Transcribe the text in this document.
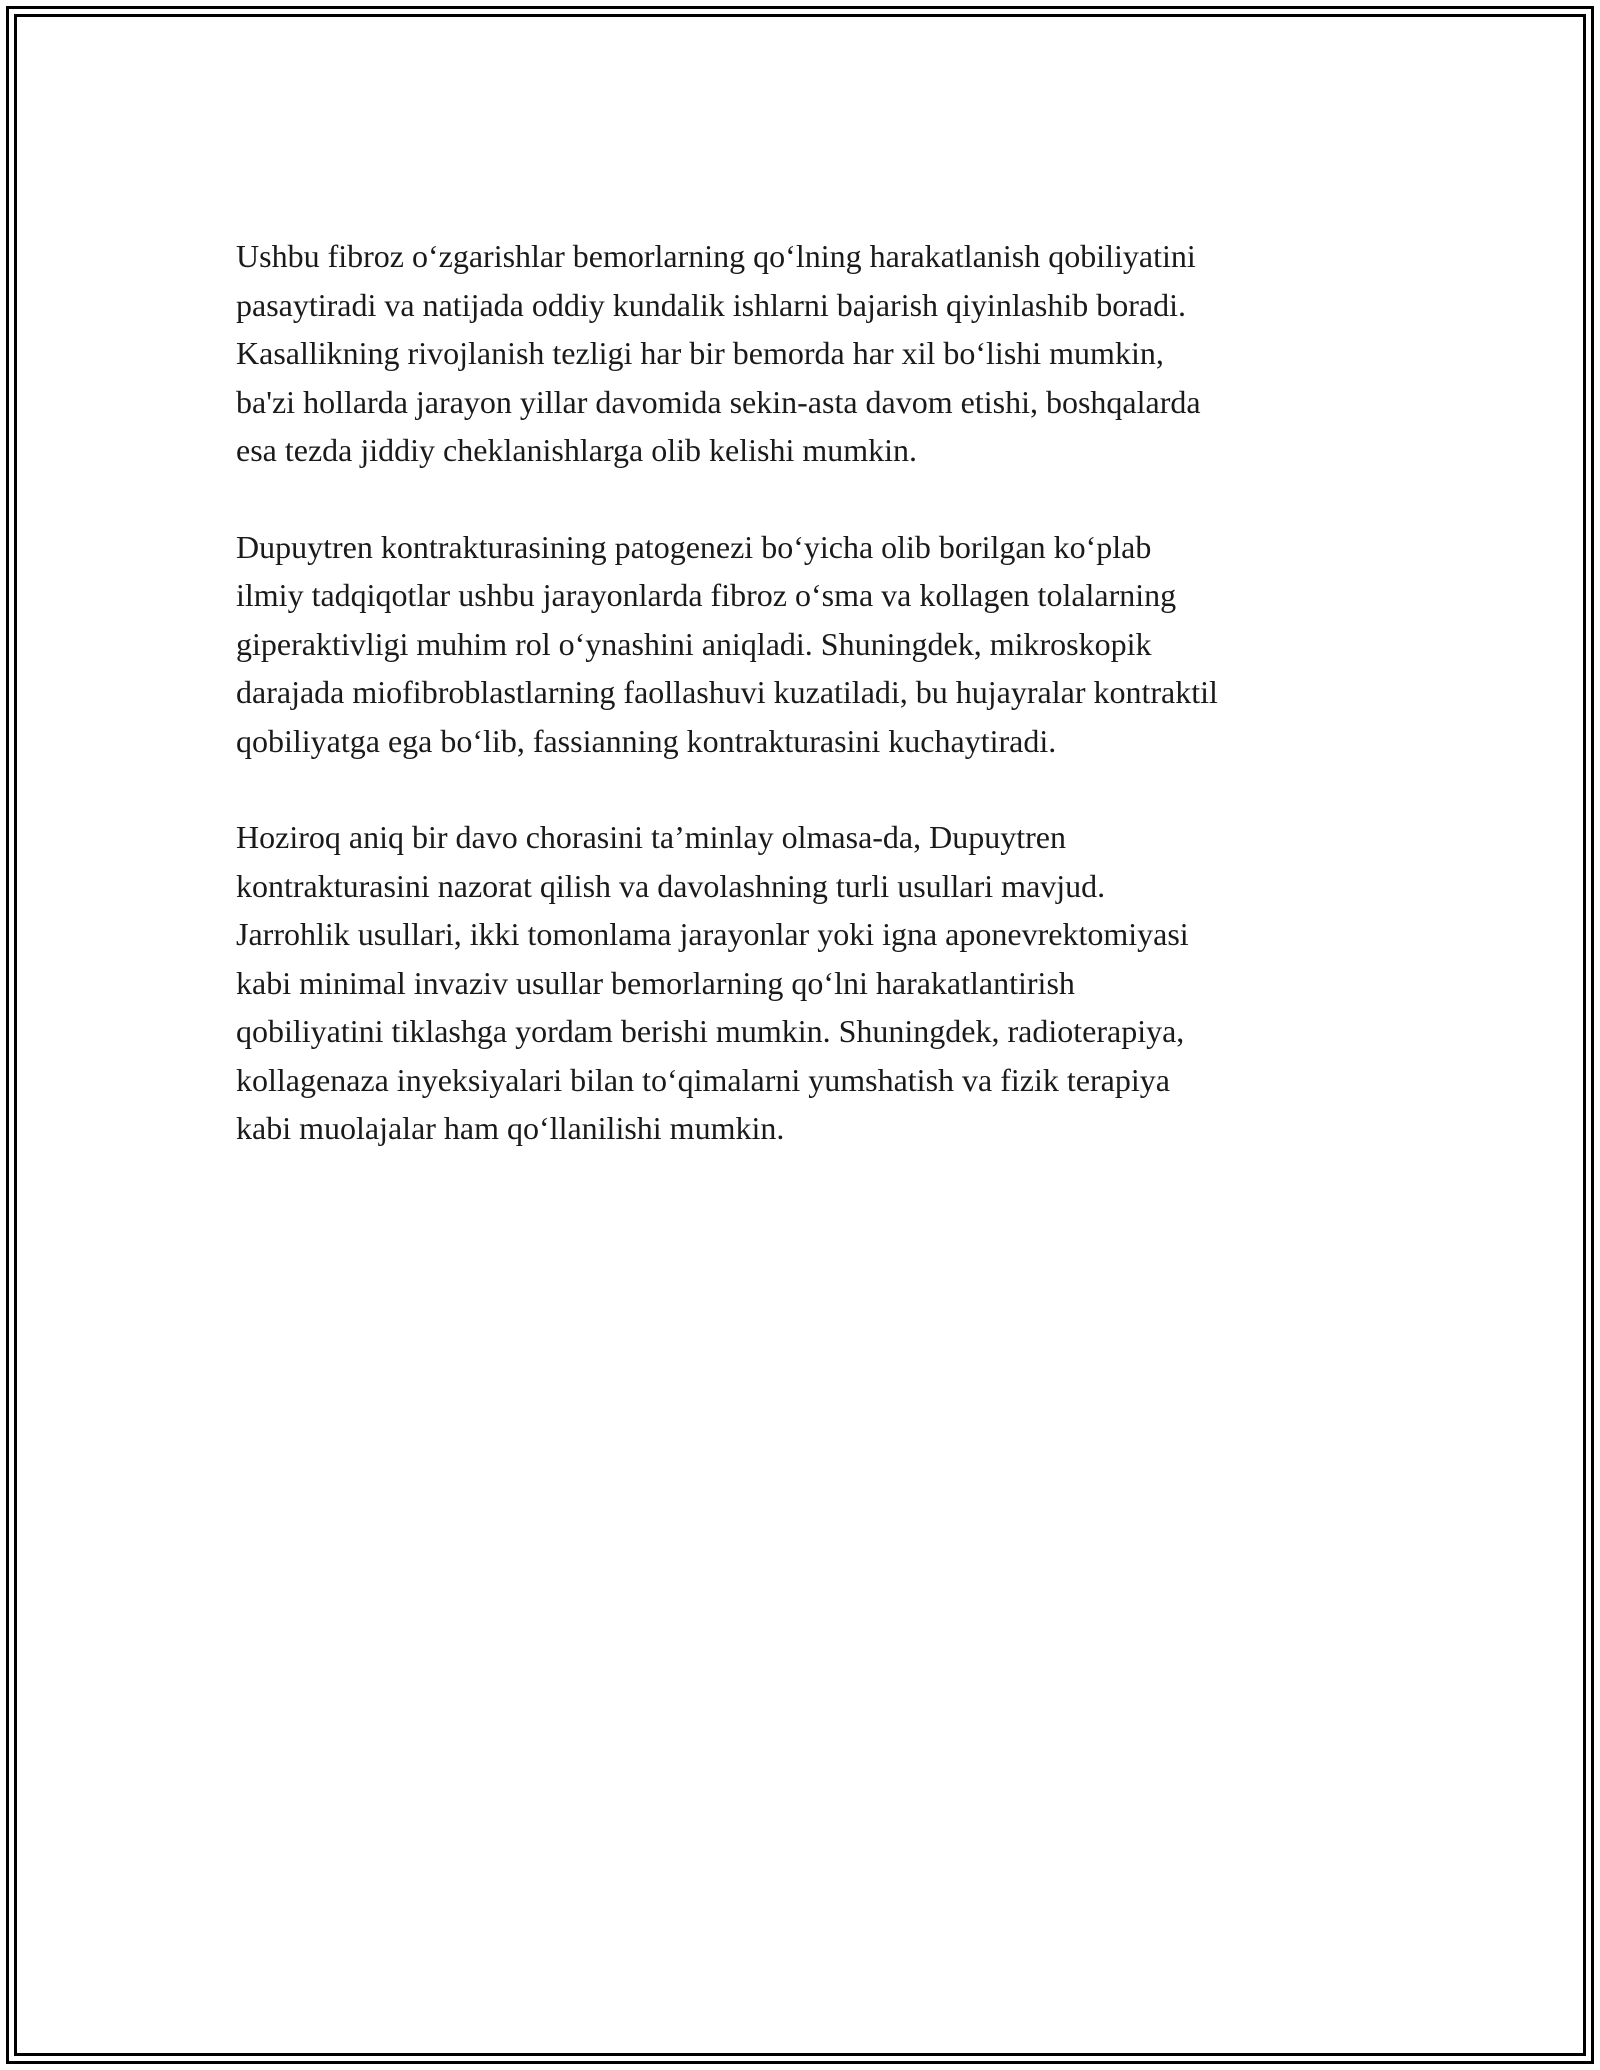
Ushbu fibroz o‘zgarishlar bemorlarning qo‘lning harakatlanish qobiliyatini
pasaytiradi va natijada oddiy kundalik ishlarni bajarish qiyinlashib boradi.
Kasallikning rivojlanish tezligi har bir bemorda har xil bo‘lishi mumkin,
ba'zi hollarda jarayon yillar davomida sekin-asta davom etishi, boshqalarda
esa tezda jiddiy cheklanishlarga olib kelishi mumkin.

Dupuytren kontrakturasining patogenezi bo‘yicha olib borilgan ko‘plab
ilmiy tadqiqotlar ushbu jarayonlarda fibroz o‘sma va kollagen tolalarning
giperaktivligi muhim rol o‘ynashini aniqladi. Shuningdek, mikroskopik
darajada miofibroblastlarning faollashuvi kuzatiladi, bu hujayralar kontraktil
qobiliyatga ega bo‘lib, fassianning kontrakturasini kuchaytiradi.

Hoziroq aniq bir davo chorasini ta’minlay olmasa-da, Dupuytren
kontrakturasini nazorat qilish va davolashning turli usullari mavjud.
Jarrohlik usullari, ikki tomonlama jarayonlar yoki igna aponevrektomiyasi
kabi minimal invaziv usullar bemorlarning qo‘lni harakatlantirish
qobiliyatini tiklashga yordam berishi mumkin. Shuningdek, radioterapiya,
kollagenaza inyeksiyalari bilan to‘qimalarni yumshatish va fizik terapiya
kabi muolajalar ham qo‘llanilishi mumkin.
